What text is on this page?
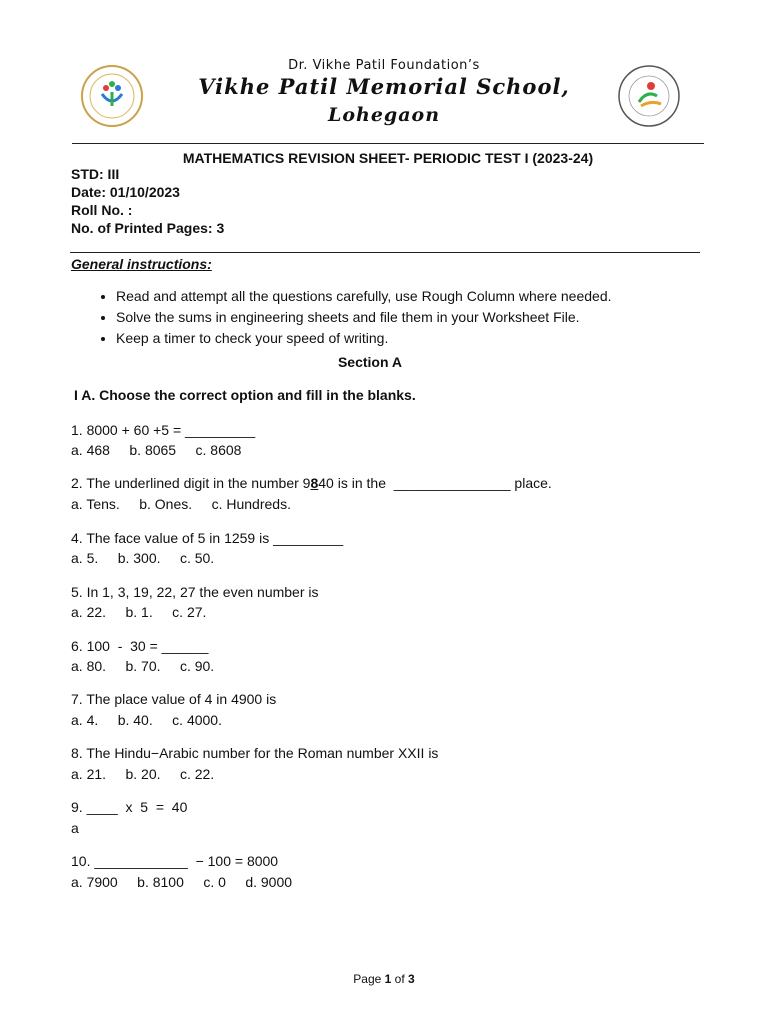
Dr. Vikhe Patil Foundation’s
Vikhe Patil Memorial School,
Lohegaon
MATHEMATICS REVISION SHEET- PERIODIC TEST I (2023-24)
STD: III
Date: 01/10/2023
Roll No. :
No. of Printed Pages: 3
General instructions:
• Read and attempt all the questions carefully, use Rough Column where needed.
• Solve the sums in engineering sheets and file them in your Worksheet File.
• Keep a timer to check your speed of writing.
Section A
I A. Choose the correct option and fill in the blanks.
1. 8000 + 60 +5 = _________
a. 468     b. 8065     c. 8608
2. The underlined digit in the number 9840 is in the  _______________ place.
a. Tens.     b. Ones.     c. Hundreds.
4. The face value of 5 in 1259 is _________
a. 5.     b. 300.     c. 50.
5. In 1, 3, 19, 22, 27 the even number is
a. 22.     b. 1.     c. 27.
6. 100  -  30 = ______
a. 80.     b. 70.     c. 90.
7. The place value of 4 in 4900 is
a. 4.     b. 40.     c. 4000.
8. The Hindu−Arabic number for the Roman number XXII is
a. 21.     b. 20.     c. 22.
9. ____  x  5  =  40
a
10. ____________  − 100 = 8000
a. 7900     b. 8100     c. 0     d. 9000
Page 1 of 3
